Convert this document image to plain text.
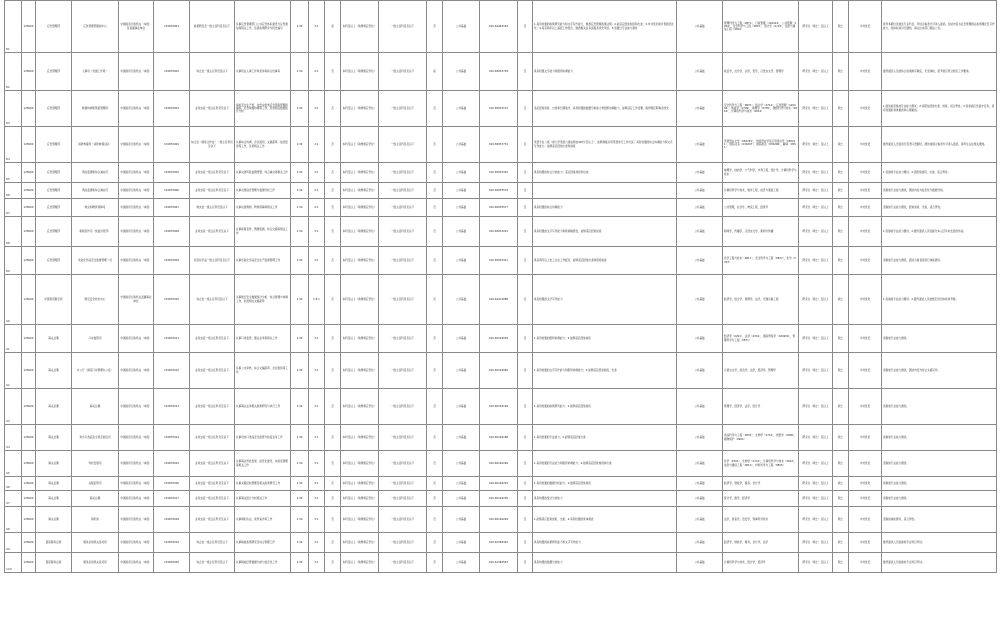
81	125000	应急管理部	应急管理部通信中心	中国政府行政机关（本级）及直属事业单位	101870001	政策研究及一级主任科员及以下	从事应急管理部门公共应急体系建设与应急通信等相关工作，负责政策研究与报告编写	1:30	3:1	是	本科及以上（取得相应学位）	一级主任科员及以下	否	公共基础	010-64463181	否	1.具有较强的政策研究能力和文字写作能力，熟悉应急管理政策法规；2.能适应经常加班和出差；3.中共党员或共青团员优先；4.具有两年以上基层工作经历，熟悉相关业务流程者优先考虑；5.需通过专业能力测试	公共基础	管理科学与工程（0871），行政管理（120401），公共管理（1204），安全科学与工程（0837），统计学（0714），信息与通信工程（0810）	研究生（硕士）及以上	硕士	中共党员	报考本职位需加试专业科目，考试合格者方可进入面试。加试内容为应急管理相关政策理论及写作能力，具体时间另行通知，请关注本部门网站公告。
82	125000	应急管理部	人事司（党建工作局）	中国政府行政机关（本级）	101870002	综合处一级主任科员及以下	从事机关人事工作和党务等综合性事务	1:30	2:1	否	本科及以上（取得相应学位）	一级主任科员及以下	是	公共基础	010-83933718	否	具有较强文字能力和组织协调能力	公共基础	政治学，社会学，法学，哲学，汉语言文学，管理学	研究生（硕士）及以上	硕士	中共党员	最终面试人员按综合成绩排序确定，无需体检，报考者应符合相应工作要求。
83	125000	应急管理部	救援协调和预案管理局	中国政府行政机关（本级）	101870003	业务处室一级主任科员及以下	承担安全生产类、自然灾害类应急预案管理和演练、应急救援协调等工作，负责相关数据统计分析	1:30	3:1	否	本科及以上（取得相应学位）	一级主任科员及以下	否	公共基础	010-83933173	否	适应经常加班、出差和长期值守，具有较强的数据分析能力和组织协调能力，能够适应工作需要，取得相应职称者优先	公共基础	安全科学与工程（0837），统计学（0714），应急管理（120404），地质学（0709），地理学（0705），测绘科学与技术（0816），计算机科学与技术（0812）	研究生（硕士）及以上	硕士	中共党员	1.面试前需参加专业能力测试；2.该职位经常出差、加班，适合男性；3.需承担应急值守任务，具有较强的身体素质和心理素质。
84	125000	应急管理部	消防救援局（消防救援总队）	中国政府行政机关（本级）	101870004	综合处（国际合作处）一级主任科员及以下	从事综合协调、会议组织、文稿起草、信息报送等工作，负责相关工作	1:30	2:1	否	本科及以上（取得相应学位）	一级主任科员及以下	否	公共基础	010-83937731	否	英语专业八级（或大学英语六级成绩在425分及以上），能够熟练运用英语进行工作交流；具有较强的综合协调能力和文字写作能力；能够适应经常出差和加班	公共基础	英语语言文学（050201），外国语言学及应用语言学（050211），国际关系（030207），国际政治（030206），翻译（0551）	研究生（硕士）及以上	硕士	中共党员	最终面试人员需进行英语口语测试，测试成绩合格者方可进入面试，请考生关注相关通知。
85	125000	应急管理部	风险监测和综合减灾司	中国政府行政机关（本级）	101870005	业务处室一级主任科员及以下	从事灾害风险监测预警、综合减灾等相关工作	1:30	3:1	否	本科及以上（取得相应学位）	一级主任科员及以下	否	公共基础	010-83933415	否	具有较强的综合分析能力；适应经常加班和出差	公共基础	地理学，地质学，大气科学，水利工程，统计学，计算机科学与技术	研究生（硕士）及以上	硕士	中共党员	1.需参加专业能力测试；2.需经常加班、出差，适合男性。
86	125000	应急管理部	风险监测和综合减灾司	中国政府行政机关（本级）	101870006	业务处室一级主任科员及以下	从事灾害信息管理与数据分析工作	1:30	2:1	否	本科及以上（取得相应学位）	一级主任科员及以下	否	公共基础	010-83933579	否		公共基础	计算机科学与技术，软件工程，信息与通信工程	研究生（硕士）及以上	硕士	中共党员	需参加专业能力测试，测试内容为信息化与数据分析。
87	125000	应急管理部	救灾和物资保障司	中国政府行政机关（本级）	101870007	救灾处一级主任科员及以下	从事灾害救助、物资保障等相关工作	1:30	2:1	否	本科及以上（取得相应学位）	一级主任科员及以下	否	公共基础	010-83933577	否	具有较强的综合协调能力	公共基础	公共管理，社会学，物流工程，经济学	研究生（硕士）及以上	硕士	中共党员	需参加专业能力测试，经常加班、出差，适合男性。
88	125000	应急管理部	新闻宣传司（党委宣传部）	中国政府行政机关（本级）	101870008	业务处室一级主任科员及以下	从事新闻宣传、舆情监测、综合文稿等相关工作	1:30	3:1	否	本科及以上（取得相应学位）	一级主任科员及以下	否	公共基础	010-83933223	否	具有较强的文字写作能力和新闻敏感性，能够适应经常加班	公共基础	新闻学，传播学，汉语言文学，新闻与传播	研究生（硕士）及以上	硕士	中共党员	1.需参加专业能力测试；2.最终面试人员需提交本人近年来发表的作品。
89	125000	应急管理部	危险化学品安全监督管理一司	中国政府行政机关（本级）	101870009	危险化学品一级主任科员及以下	从事危险化学品安全生产监督管理工作	1:30	3:1	否	本科及以上（取得相应学位）	一级主任科员及以下	否	公共基础	010-83933411	否	具有两年以上化工企业工作经历，能够适应经常出差和现场检查	公共基础	化学工程与技术（0817），安全科学与工程（0837），化学（0703）	研究生（硕士）及以上	硕士	中共党员	需参加专业能力测试，面试合格者需进行体能测评。
90	125000	中国民用航空局	航空安全技术中心	中国政府行政机关直属事业单位	101870010	综合处一级主任科员及以下	从事航空安全数据统计分析、综合管理与协调工作，负责相关文稿起草	1:30	1.5:1	否	本科及以上（取得相应学位）	一级主任科员及以下	否	公共基础	010-64474088	否	具有较强的文字写作能力	公共基础	经济学，统计学，管理学，法学，交通运输工程	研究生（硕士）及以上	硕士	中共党员	1.需参加专业能力测试；2.最终面试人员按规定进行体检和考察。
91	125000	海关总署	口岸监管司	中国政府行政机关（本级）	101870011	业务处室一级主任科员及以下	从事口岸监管、通关业务等相关工作	1:30	3:1	否	本科及以上（取得相应学位）	一级主任科员及以下	否	公共基础	010-65194039	否	1.具有较强的组织协调能力；2.能够适应经常加班	公共基础	经济学（0201），法学（0301），国际贸易学（020206），管理科学与工程（0871）	研究生（硕士）及以上	硕士	中共党员	需参加专业能力测试。
92	125000	海关总署	办公厅（国家口岸管理办公室）	中国政府行政机关（本级）	101870012	业务处室一级主任科员及以下	从事公文审核、综合文稿起草、会议组织等工作	1:30	3:1	否	本科及以上（取得相应学位）	一级主任科员及以下	否	公共基础	010-65194046	否	1.具有较强的文字写作能力和组织协调能力；2.能够适应经常加班、出差	公共基础	汉语言文学，政治学，法学，经济学，管理学	研究生（硕士）及以上	硕士	中共党员	需参加专业能力测试，测试内容为综合文稿写作。
93	125000	海关总署	海关总署	中国政府行政机关（本级）	101870013	业务处室一级主任科员及以下	从事海关业务相关政策研究与执行工作	1:30	3:1	否	本科及以上（取得相应学位）	一级主任科员及以下	否	公共基础	010-65194199	否	1.具有较强的政策研究能力；2.能够适应经常加班	公共基础	管理学，经济学，法学，统计学	研究生（硕士）及以上	硕士	中共党员	需参加专业能力测试。
94	125000	海关总署	进出口食品安全局及检疫司	中国政府行政机关（本级）	101870014	业务处室一级主任科员及以下	从事进出口食品安全监管与检疫业务工作	1:30	3:1	否	本科及以上（取得相应学位）	一级主任科员及以下	否	公共基础	010-65194188	否	1.具有较强的专业能力；2.能够适应经常出差	公共基础	食品科学与工程（0832），生物学（0710），兽医学（0906），植物保护（0904）	研究生（硕士）及以上	硕士	中共党员	需参加专业能力测试。
95	125000	海关总署	科技发展司	中国政府行政机关（本级）	101870015	业务处室一级主任科员及以下	从事海关科技发展、信息化建设、实验室管理等相关工作	1:30	3:1	否	本科及以上（取得相应学位）	一级主任科员及以下	否	公共基础	010-65194169	否	1.具有较强的专业能力和组织协调能力；2.能够适应经常加班和出差	公共基础	化学（0703），生物学（0710），计算机科学与技术（0812），信息与通信工程（0810），材料科学与工程（0805）	研究生（硕士）及以上	硕士	中共党员	需参加专业能力测试。
96	125000	海关总署	关税征管司	中国政府行政机关（本级）	101870016	业务处室一级主任科员及以下	从事关税征收管理及相关政策研究工作	1:30	3:1	否	本科及以上（取得相应学位）	一级主任科员及以下	否	公共基础	010-65194225	否	1.具有较强的数据分析能力；2.能够适应经常加班	公共基础	经济学，财政学，税务，会计学	研究生（硕士）及以上	硕士	中共党员	需参加专业能力测试。
97	125000	海关总署	海关总署	中国政府行政机关（本级）	101870017	业务处室一级主任科员及以下	从事海关统计分析相关工作	1:30	3:1	否	本科及以上（取得相应学位）	一级主任科员及以下	否	公共基础	010-65194236	否	具有较强的统计分析能力	公共基础	统计学，数学，经济学	研究生（硕士）及以上	硕士	中共党员	需参加专业能力测试。
98	125000	海关总署	缉私局	中国政府行政机关（本级）	101870018	业务处室一级主任科员及以下	从事缉私执法、案件查办等工作	1:30	3:1	否	本科及以上（取得相应学位）	一级主任科员及以下	否	公共基础	010-65194249	否	1.能够适应经常加班、出差；2.具有较强的身体素质	公共基础	法学，侦查学，治安学，刑事科学技术	研究生（硕士）及以上	硕士	中共党员	需参加体能测评，适合男性。
99	125000	国家税务总局	税务总局机关各司局	中国政府行政机关（本级）	101870019	综合处一级主任科员及以下	从事税收政策研究及综合管理工作	1:30	3:1	否	本科及以上（取得相应学位）	一级主任科员及以下	否	公共基础	010-61384322	否	具有较强的政策研究能力和文字写作能力	公共基础	经济学，财政学，税务，会计学，法学	研究生（硕士）及以上	硕士	中共党员	最终面试人员需参加专业科目考试。
100	125000	国家税务总局	税务总局机关各司局	中国政府行政机关（本级）	101870020	综合处一级主任科员及以下	从事税收征管数据分析与信息化工作	1:30	3:1	否	本科及以上（取得相应学位）	一级主任科员及以下	否	公共基础	010-61384567	否	具有较强的数据分析能力	公共基础	计算机科学与技术，统计学，经济学	研究生（硕士）及以上	硕士	中共党员	最终面试人员需参加专业科目考试。
